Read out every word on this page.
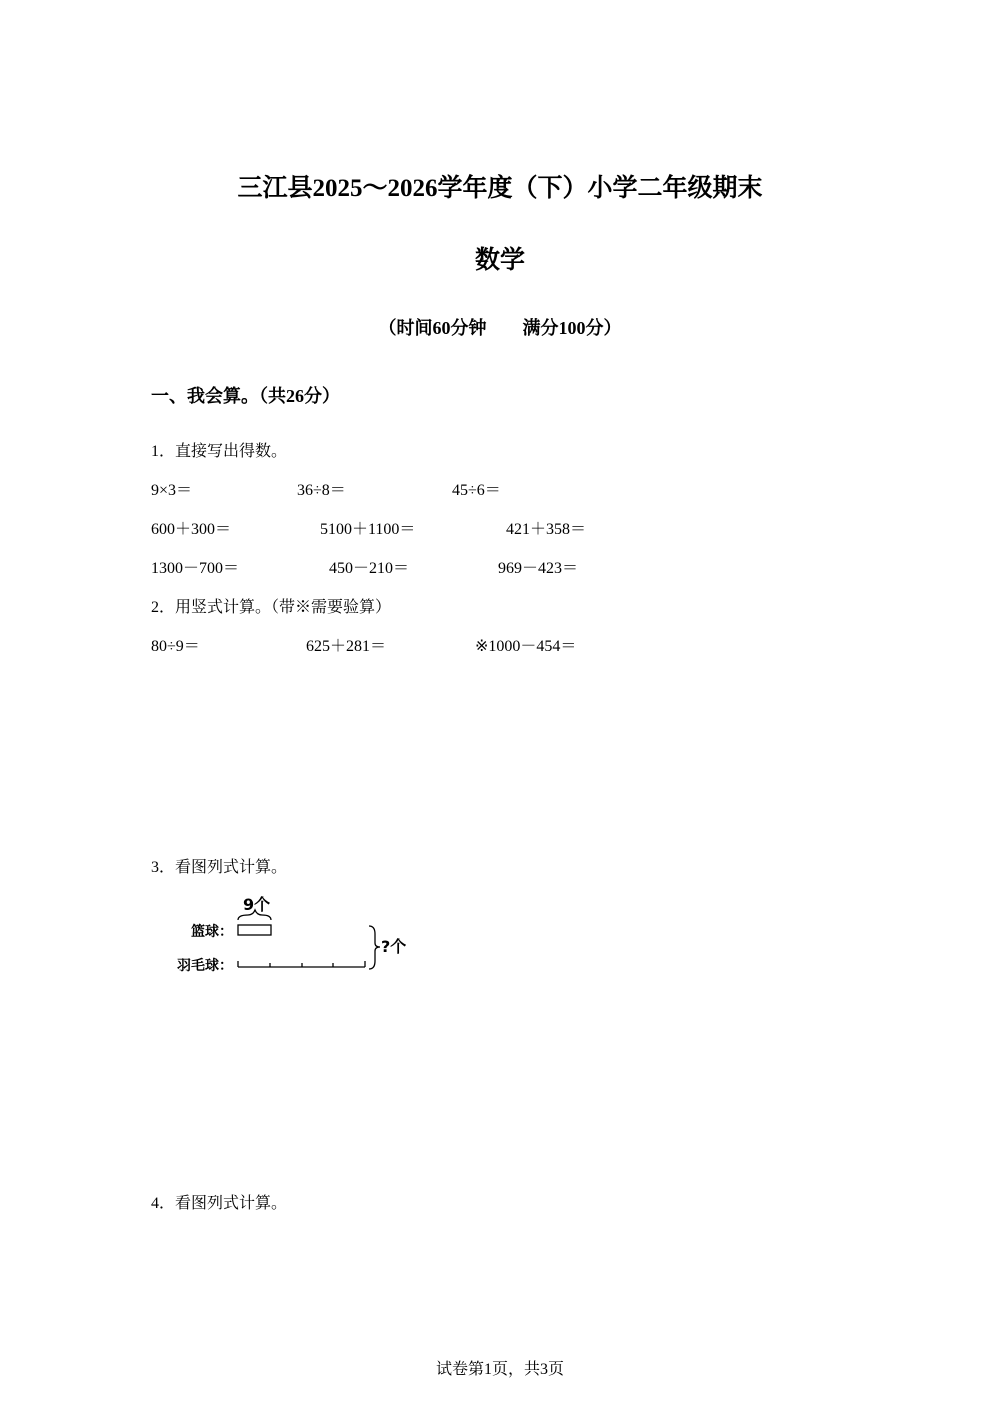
三江县2025～2026学年度（下）小学二年级期末
数学
（时间60分钟 满分100分）
一、我会算。（共26分）
1．直接写出得数。
9×3＝	36÷8＝	45÷6＝
600＋300＝	5100＋1100＝	421＋358＝
1300－700＝	450－210＝	969－423＝
2．用竖式计算。（带※需要验算）
80÷9＝	625＋281＝	※1000－454＝
3．看图列式计算。
9个
篮球：
羽毛球：
?个
4．看图列式计算。
试卷第1页，共3页
